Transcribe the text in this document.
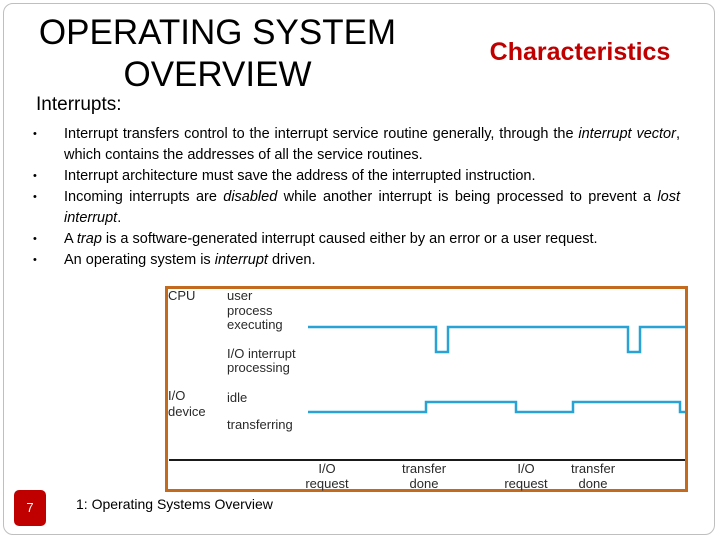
OPERATING SYSTEM OVERVIEW
Characteristics
Interrupts:
• Interrupt transfers control to the interrupt service routine generally, through the interrupt vector, which contains the addresses of all the service routines.
• Interrupt architecture must save the address of the interrupted instruction.
• Incoming interrupts are disabled while another interrupt is being processed to prevent a lost interrupt.
• A trap is a software-generated interrupt caused either by an error or a user request.
• An operating system is interrupt driven.
CPU
I/O
device
user
process
executing
I/O interrupt
processing
idle
transferring
I/O
request
transfer
done
I/O
request
transfer
done
7	1: Operating Systems Overview
